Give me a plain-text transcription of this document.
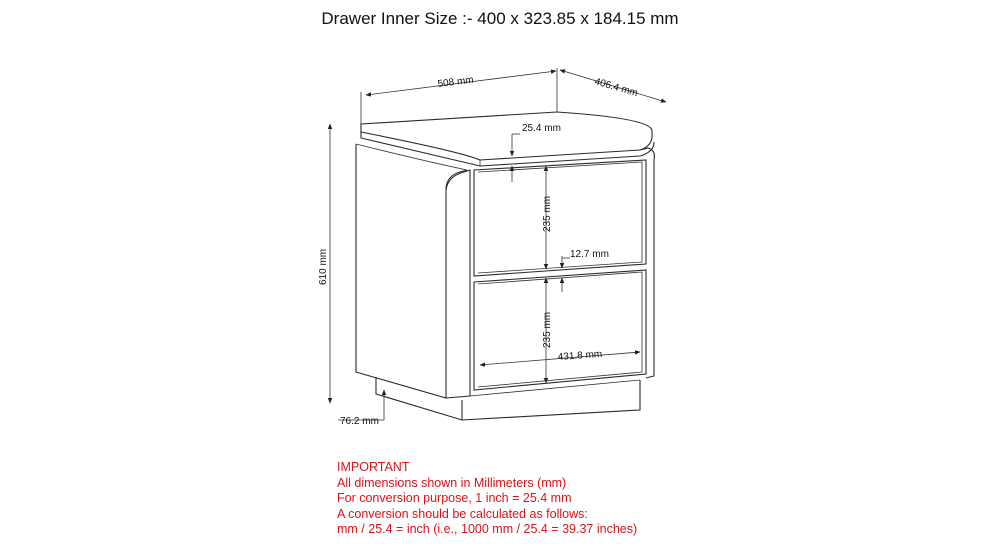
Drawer Inner Size :- 400 x 323.85 x 184.15 mm
508 mm	406.4 mm
610 mm
25.4 mm
235 mm
12.7 mm
235 mm
431.8 mm
76.2 mm
IMPORTANT
All dimensions shown in Millimeters (mm)
For conversion purpose, 1 inch = 25.4 mm
A conversion should be calculated as follows:
mm / 25.4 = inch (i.e., 1000 mm / 25.4 = 39.37 inches)
